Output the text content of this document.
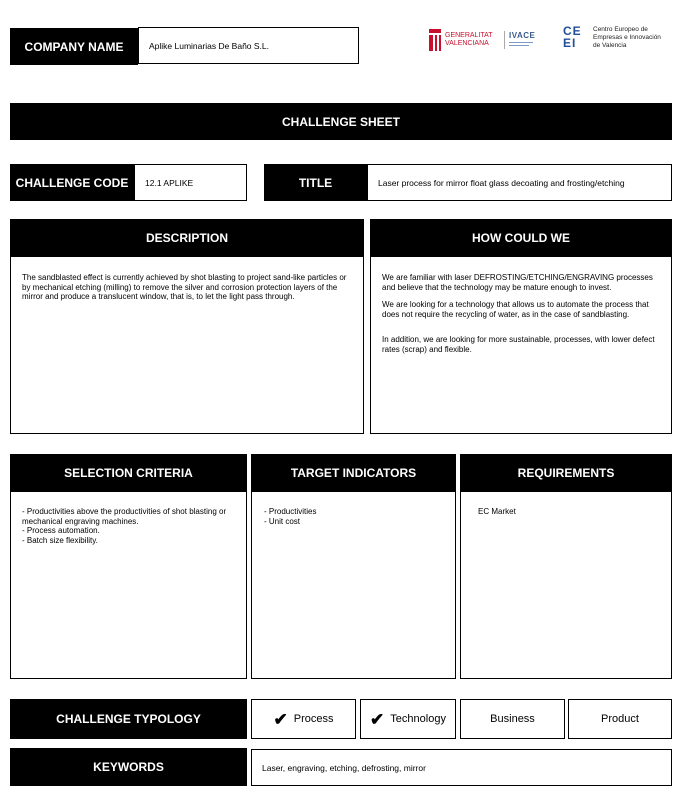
COMPANY NAME	Aplike Luminarias De Baño S.L.
GENERALITAT
VALENCIANA
IVACE CEEI
Centro Europeo de
Empresas e Innovación
de Valencia
CHALLENGE SHEET
CHALLENGE CODE	12.1 APLIKE	TITLE	Laser process for mirror float glass decoating and frosting/etching
DESCRIPTION

The sandblasted effect is currently achieved by shot blasting to project sand-like particles or by mechanical etching (milling) to remove the silver and corrosion protection layers of the mirror and produce a translucent window, that is, to let the light pass through.

HOW COULD WE

We are familiar with laser DEFROSTING/ETCHING/ENGRAVING processes and believe that the technology may be mature enough to invest.

We are looking for a technology that allows us to automate the process that does not require the recycling of water, as in the case of sandblasting.

In addition, we are looking for more sustainable, processes, with lower defect rates (scrap) and flexible.

SELECTION CRITERIA
- Productivities above the productivities of shot blasting or mechanical engraving machines.
- Process automation.
- Batch size flexibility.
TARGET INDICATORS
- Productivities
- Unit cost
REQUIREMENTS
EC Market
CHALLENGE TYPOLOGY	✔ Process ✔ Technology	Business	Product
KEYWORDS	Laser, engraving, etching, defrosting, mirror
